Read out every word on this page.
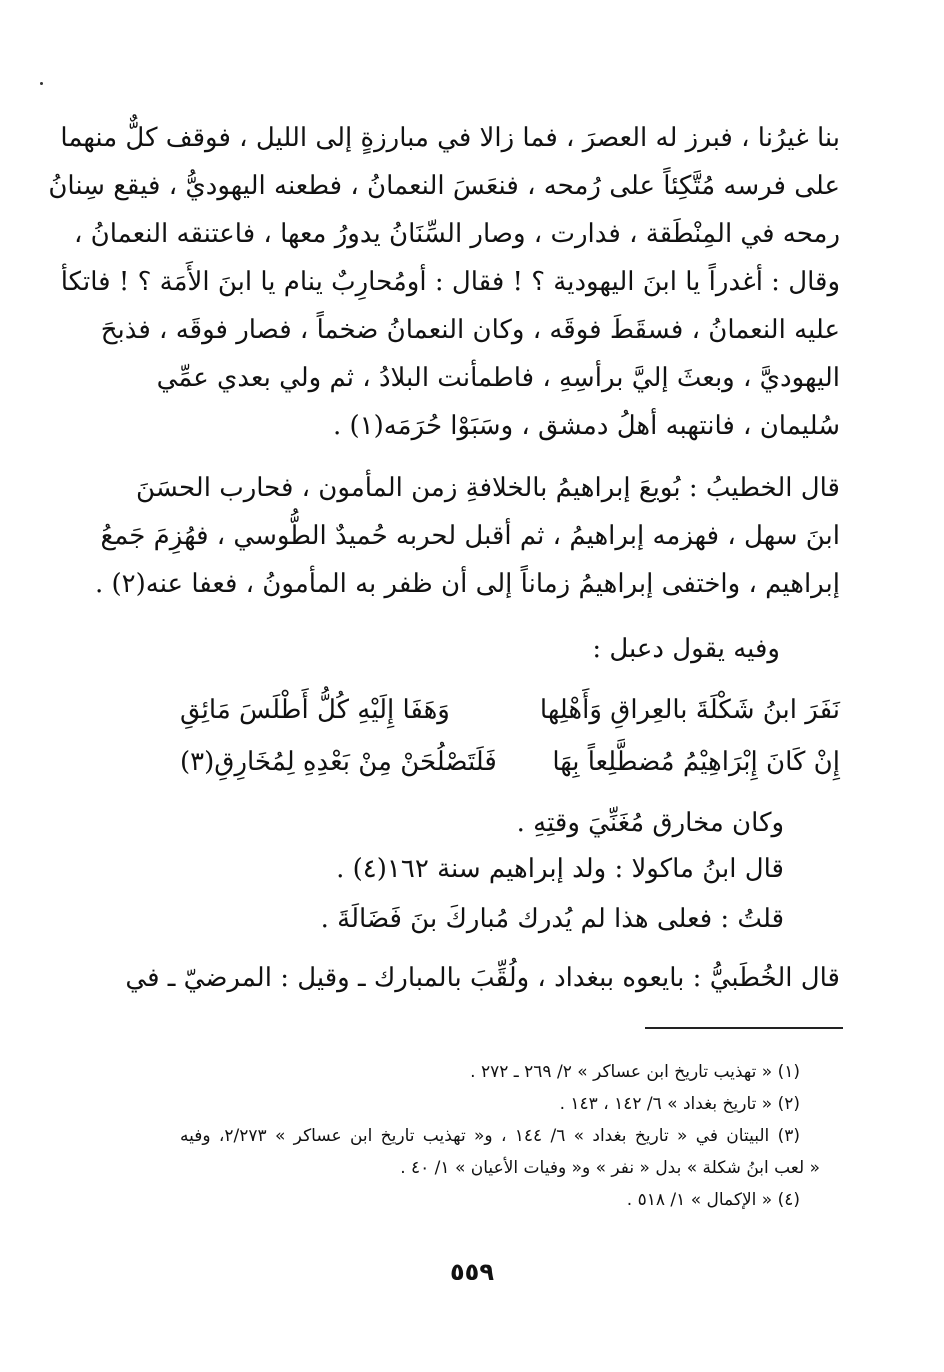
بنا غيرُنا ، فبرز له العصرَ ، فما زالا في مبارزةٍ إلى الليل ، فوقف كلٌّ منهما
على فرسه مُتَّكِئاً على رُمحه ، فنعَسَ النعمانُ ، فطعنه اليهوديُّ ، فيقع سِنانُ
رمحه في المِنْطَقة ، فدارت ، وصار السِّنَانُ يدورُ معها ، فاعتنقه النعمانُ ،
وقال : أغدراً يا ابنَ اليهودية ؟ ! فقال : أومُحارِبٌ ينام يا ابنَ الأَمَة ؟ ! فاتكأ
عليه النعمانُ ، فسقَطَ فوقَه ، وكان النعمانُ ضخماً ، فصار فوقَه ، فذبحَ
اليهوديَّ ، وبعثَ إليَّ برأسِهِ ، فاطمأنت البلادُ ، ثم ولي بعدي عمِّي
سُليمان ، فانتهبه أهلُ دمشق ، وسَبَوْا حُرَمَه(١) .
قال الخطيبُ : بُويعَ إبراهيمُ بالخلافةِ زمن المأمون ، فحارب الحسَنَ
ابنَ سهل ، فهزمه إبراهيمُ ، ثم أقبل لحربه حُميدٌ الطُّوسي ، فهُزِمَ جَمعُ
إبراهيم ، واختفى إبراهيمُ زماناً إلى أن ظفر به المأمونُ ، فعفا عنه(٢) .
وفيه يقول دعبل :
نَفَرَ ابنُ شَكْلَةَ بالعِراقِ وَأَهْلِها
وَهَفَا إِلَيْهِ كُلُّ أَطْلَسَ مَائِقِ
إِنْ كَانَ إِبْرَاهِيْمُ مُضطَّلِعاً بِهَا
فَلَتَصْلُحَنْ مِنْ بَعْدِهِ لِمُخَارِقِ(٣)
وكان مخارق مُغَنِّيَ وقتِهِ .
قال ابنُ ماكولا : ولد إبراهيم سنة ١٦٢(٤) .
قلتُ : فعلى هذا لم يُدرك مُباركَ بنَ فَضَالَةَ .
قال الخُطَبيُّ : بايعوه ببغداد ، ولُقِّبَ بالمبارك ـ وقيل : المرضيّ ـ في
(١) « تهذيب تاريخ ابن عساكر » ٢/ ٢٦٩ ـ ٢٧٢ .
(٢) « تاريخ بغداد » ٦/ ١٤٢ ، ١٤٣ .
(٣) البيتان في « تاريخ بغداد » ٦/ ١٤٤ ، و« تهذيب تاريخ ابن عساكر » ٢/٢٧٣، وفيه
« لعب ابنُ شكلة » بدل « نفر » و« وفيات الأعيان » ١/ ٤٠ .
(٤) « الإكمال » ١/ ٥١٨ .
٥٥٩
